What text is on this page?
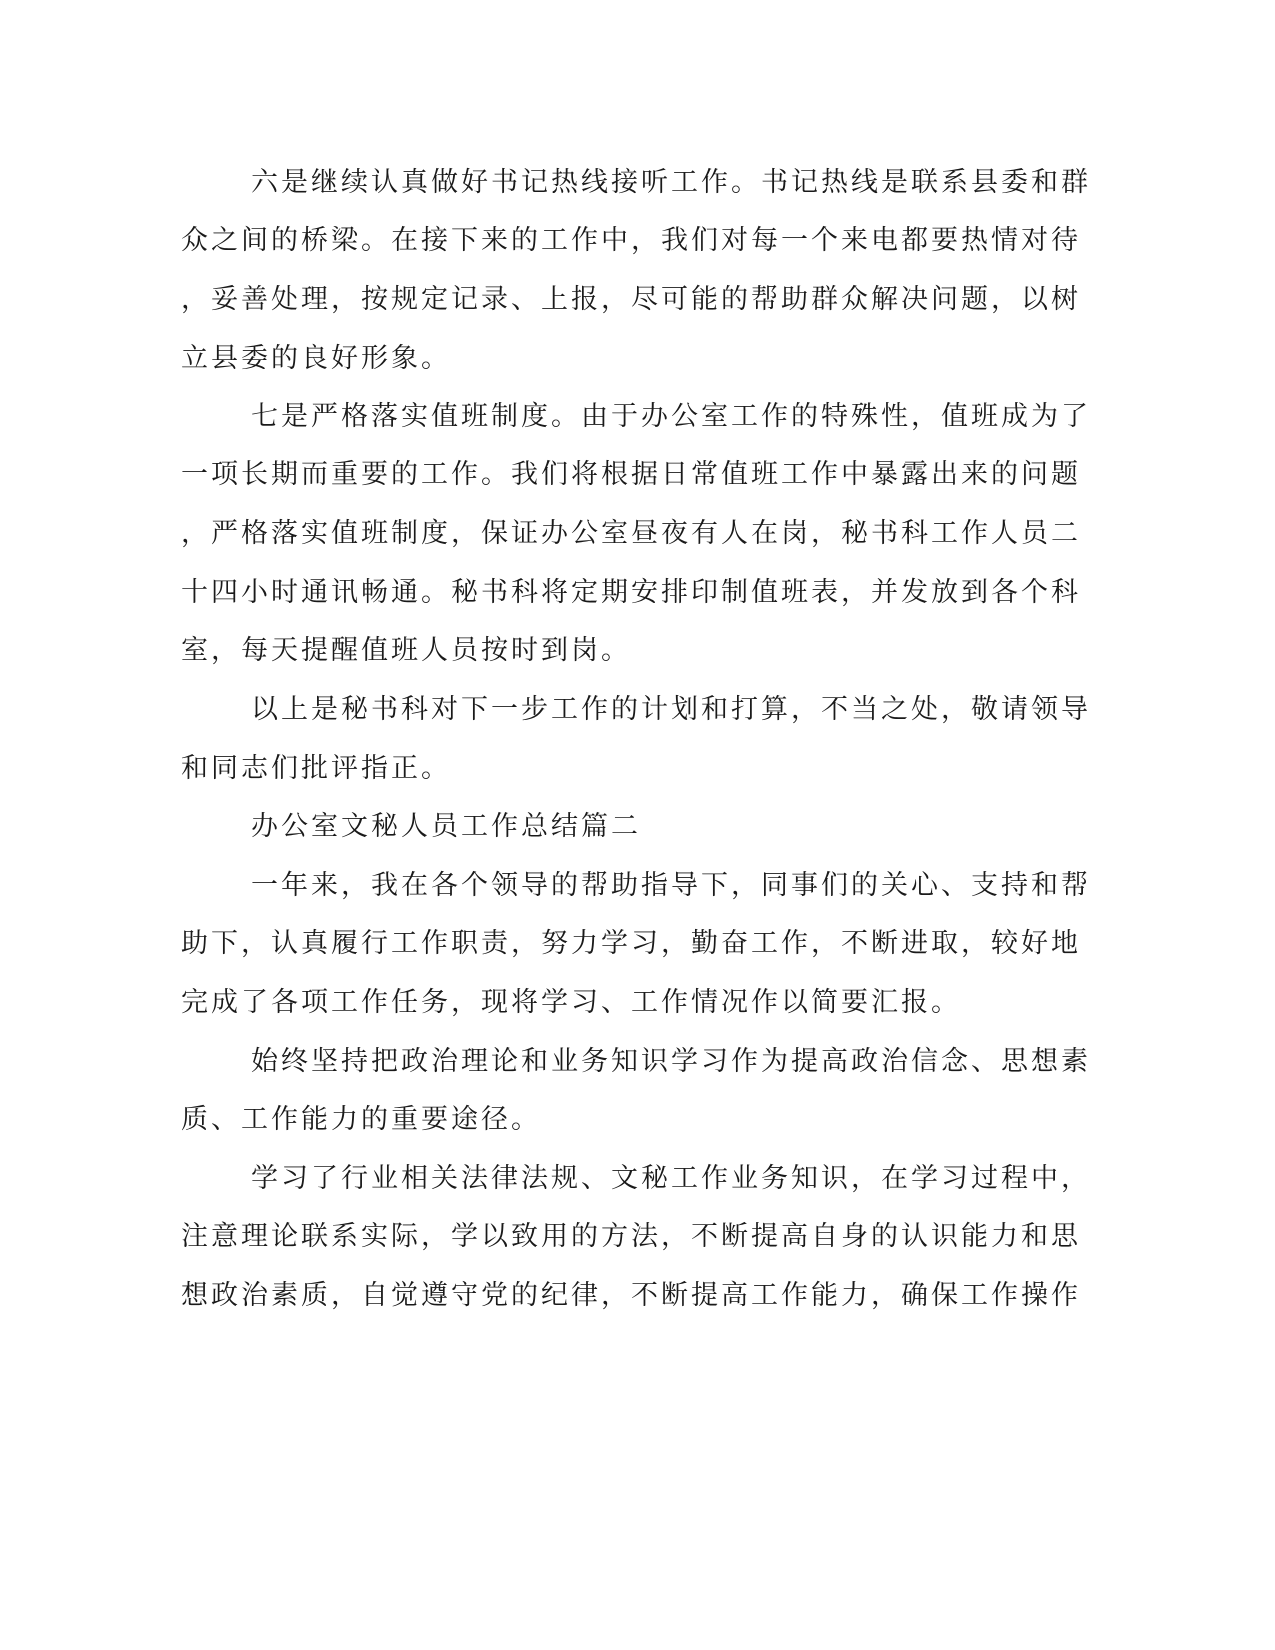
六是继续认真做好书记热线接听工作。书记热线是联系县委和群
众之间的桥梁。在接下来的工作中，我们对每一个来电都要热情对待
，妥善处理，按规定记录、上报，尽可能的帮助群众解决问题，以树
立县委的良好形象。
七是严格落实值班制度。由于办公室工作的特殊性，值班成为了
一项长期而重要的工作。我们将根据日常值班工作中暴露出来的问题
，严格落实值班制度，保证办公室昼夜有人在岗，秘书科工作人员二
十四小时通讯畅通。秘书科将定期安排印制值班表，并发放到各个科
室，每天提醒值班人员按时到岗。
以上是秘书科对下一步工作的计划和打算，不当之处，敬请领导
和同志们批评指正。
办公室文秘人员工作总结篇二
一年来，我在各个领导的帮助指导下，同事们的关心、支持和帮
助下，认真履行工作职责，努力学习，勤奋工作，不断进取，较好地
完成了各项工作任务，现将学习、工作情况作以简要汇报。
始终坚持把政治理论和业务知识学习作为提高政治信念、思想素
质、工作能力的重要途径。
学习了行业相关法律法规、文秘工作业务知识，在学习过程中，
注意理论联系实际，学以致用的方法，不断提高自身的认识能力和思
想政治素质，自觉遵守党的纪律，不断提高工作能力，确保工作操作
